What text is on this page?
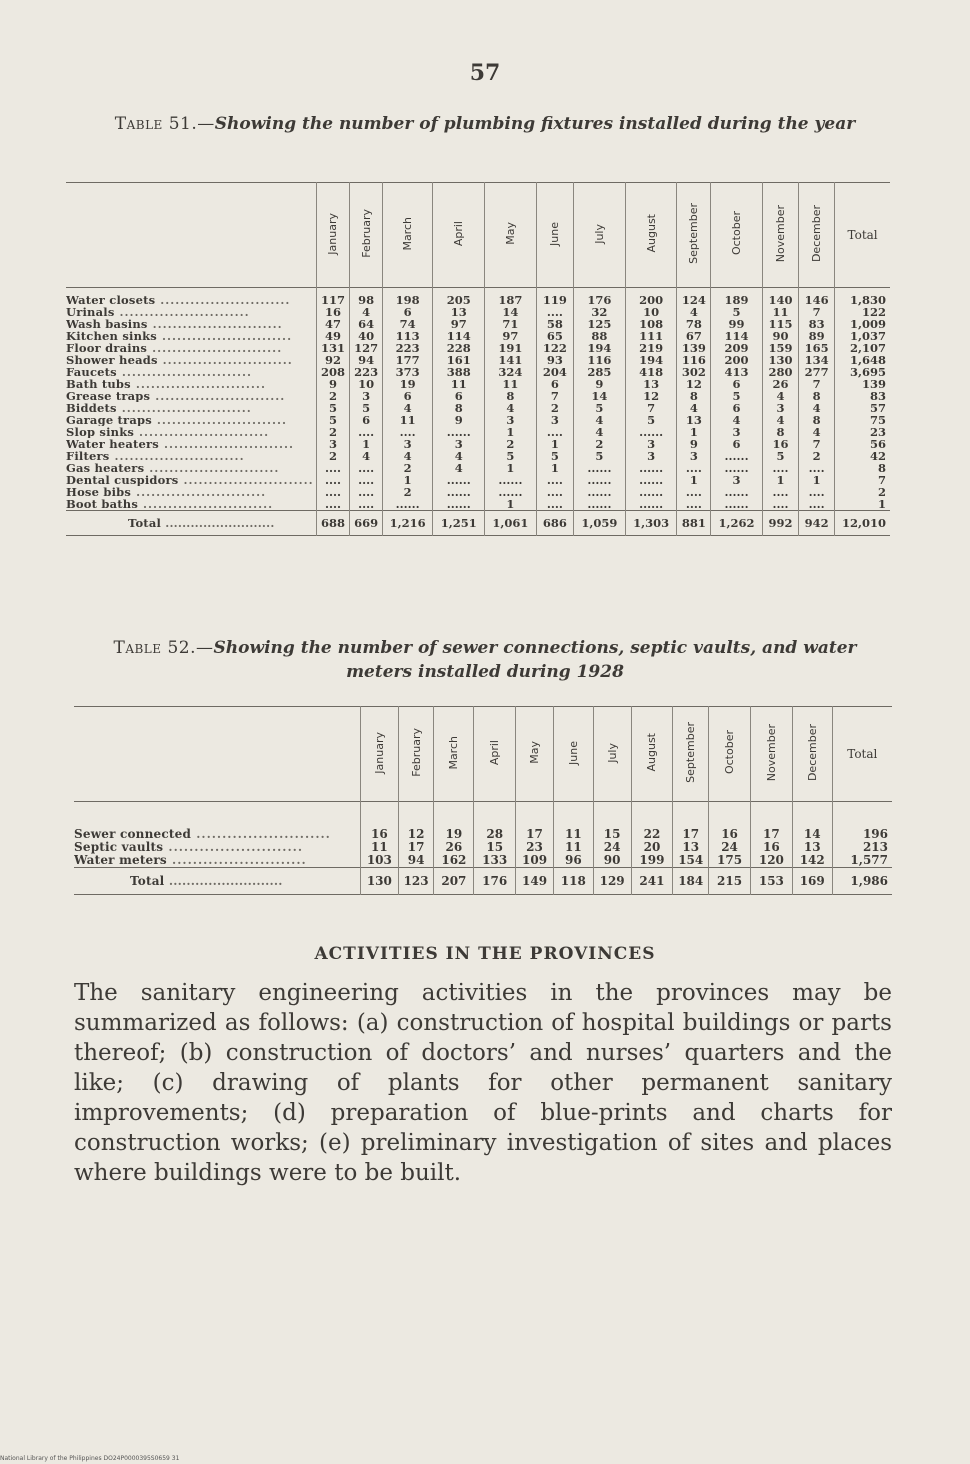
57
Table 51.—Showing the number of plumbing fixtures installed during the year
	January	February	March	April	May	June	July	August	September	October	November	December	Total
Water closets ..........................	117	98	198	205	187	119	176	200	124	189	140	146	1,830
Urinals ..........................	16	4	6	13	14	....	32	10	4	5	11	7	122
Wash basins ..........................	47	64	74	97	71	58	125	108	78	99	115	83	1,009
Kitchen sinks ..........................	49	40	113	114	97	65	88	111	67	114	90	89	1,037
Floor drains ..........................	131	127	223	228	191	122	194	219	139	209	159	165	2,107
Shower heads ..........................	92	94	177	161	141	93	116	194	116	200	130	134	1,648
Faucets ..........................	208	223	373	388	324	204	285	418	302	413	280	277	3,695
Bath tubs ..........................	9	10	19	11	11	6	9	13	12	6	26	7	139
Grease traps ..........................	2	3	6	6	8	7	14	12	8	5	4	8	83
Biddets ..........................	5	5	4	8	4	2	5	7	4	6	3	4	57
Garage traps ..........................	5	6	11	9	3	3	4	5	13	4	4	8	75
Slop sinks ..........................	2	....	....	......	1	....	4	......	1	3	8	4	23
Water heaters ..........................	3	1	3	3	2	1	2	3	9	6	16	7	56
Filters ..........................	2	4	4	4	5	5	5	3	3	......	5	2	42
Gas heaters ..........................	....	....	2	4	1	1	......	......	....	......	....	....	8
Dental cuspidors ..........................	....	....	1	......	......	....	......	......	1	3	1	1	7
Hose bibs ..........................	....	....	2	......	......	....	......	......	....	......	....	....	2
Boot baths ..........................	....	....	......	......	1	....	......	......	....	......	....	....	1
Total ..........................	688	669	1,216	1,251	1,061	686	1,059	1,303	881	1,262	992	942	12,010
Table 52.—Showing the number of sewer connections, septic vaults, and water meters installed during 1928
	January	February	March	April	May	June	July	August	September	October	November	December	Total
Sewer connected ..........................	16	12	19	28	17	11	15	22	17	16	17	14	196
Septic vaults ..........................	11	17	26	15	23	11	24	20	13	24	16	13	213
Water meters ..........................	103	94	162	133	109	96	90	199	154	175	120	142	1,577
Total ..........................	130	123	207	176	149	118	129	241	184	215	153	169	1,986
ACTIVITIES IN THE PROVINCES
The sanitary engineering activities in the provinces may be summarized as follows: (a) construction of hospital buildings or parts thereof; (b) construction of doctors’ and nurses’ quarters and the like; (c) drawing of plants for other permanent sanitary improvements; (d) preparation of blue-prints and charts for construction works; (e) preliminary investigation of sites and places where buildings were to be built.
National Library of the Philippines DO24P0000395S0659 31
